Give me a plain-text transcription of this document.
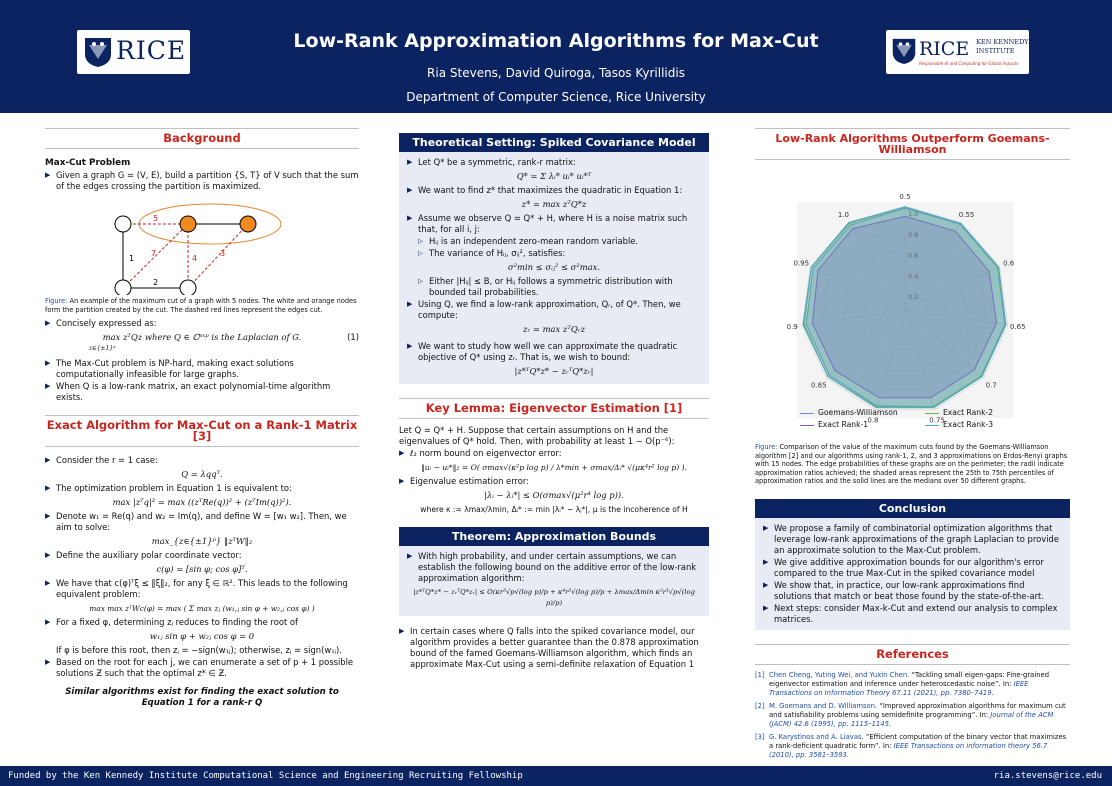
RICE	Low-Rank Approximation Algorithms for Max-Cut
Ria Stevens, David Quiroga, Tasos Kyrillidis
Department of Computer Science, Rice University
RICE KEN KENNEDY
INSTITUTE
Responsible AI and Computing for Global Impacts
Background
Max-Cut Problem
▶ Given a graph G = (V, E), build a partition {S, T} of V such that the sum of the edges crossing the partition is maximized.
5
7
4
3
1
2
Figure: An example of the maximum cut of a graph with 5 nodes. The white and orange nodes form the partition created by the cut. The dashed red lines represent the edges cut.
▶ Concisely expressed as:
max zᵀQz where Q ∈ ℂᵖˣᵖ is the Laplacian of G.
z∈{±1}ᵖ
(1)
▶ The Max-Cut problem is NP-hard, making exact solutions computationally infeasible for large graphs.
▶ When Q is a low-rank matrix, an exact polynomial-time algorithm exists.
Exact Algorithm for Max-Cut on a Rank-1 Matrix [3]
▶ Consider the r = 1 case:
Q = λqqᵀ.
▶ The optimization problem in Equation 1 is equivalent to:
max |zᵀq|² = max ((zᵀRe(q))² + (zᵀIm(q))²).
▶ Denote w₁ = Re(q) and w₂ = Im(q), and define W = [w₁ w₂]. Then, we aim to solve:
max_{z∈{±1}ᵖ} ‖zᵀW‖₂
▶ Define the auxiliary polar coordinate vector:
c(φ) = [sin φ; cos φ]ᵀ.
▶ We have that c(φ)ᵀξ ≤ ‖ξ‖₂, for any ξ ∈ ℝ². This leads to the following equivalent problem:
max max zᵀWc(φ) = max ( Σ max zⱼ (w₁,ⱼ sin φ + w₂,ⱼ cos φ) )
▶ For a fixed φ, determining zⱼ reduces to finding the root of
w₁ⱼ sin φ + w₂ⱼ cos φ = 0
If φ is before this root, then zⱼ = −sign(w₁ⱼ); otherwise, zⱼ = sign(w₁ⱼ).
▶ Based on the root for each j, we can enumerate a set of p + 1 possible solutions Ƶ such that the optimal z* ∈ Ƶ.
Similar algorithms exist for finding the exact solution to Equation 1 for a rank-r Q
Theoretical Setting: Spiked Covariance Model
▶ Let Q* be a symmetric, rank-r matrix:
Q* = Σ λᵢ* uᵢ* uᵢ*ᵀ
▶ We want to find z* that maximizes the quadratic in Equation 1:
z* = max zᵀQ*z
▶ Assume we observe Q = Q* + H, where H is a noise matrix such that, for all i, j:
▷ Hᵢⱼ is an independent zero-mean random variable.
▷ The variance of Hᵢⱼ, σᵢⱼ², satisfies:
σ²min ≤ σᵢⱼ² ≤ σ²max.
▷ Either |Hᵢⱼ| ≤ B, or Hᵢⱼ follows a symmetric distribution with bounded tail probabilities.
▶ Using Q, we find a low-rank approximation, Qᵣ, of Q*. Then, we compute:
zᵣ = max zᵀQᵣz
▶ We want to study how well we can approximate the quadratic objective of Q* using zᵣ. That is, we wish to bound:
|z*ᵀQ*z* − zᵣᵀQ*zᵣ|
Key Lemma: Eigenvector Estimation [1]
Let Q = Q* + H. Suppose that certain assumptions on H and the eigenvalues of Q* hold. Then, with probability at least 1 − O(p⁻⁶):
▶ ℓ₂ norm bound on eigenvector error:
‖uᵢ − uᵢ*‖₂ = O( σmax√(κ²p log p) / λ*min + σmax/Δᵢ* √(μκ⁴r² log p) ).
▶ Eigenvalue estimation error:
|λᵢ − λᵢ*| ≤ O(σmax√(μ²r⁴ log p)).
where κ := λmax/λmin, Δᵢ* := min |λᵢ* − λⱼ*|, μ is the incoherence of H
Theorem: Approximation Bounds
▶ With high probability, and under certain assumptions, we can establish the following bound on the additive error of the low-rank approximation algorithm:
|z*ᵀQ*z* − zᵣᵀQ*zᵣ| ≤ O(κr³√p√(log p)/p + κ⁴r³√(log p)/p + λmax/Δmin κ²r³√p√(log p)/p)
▶ In certain cases where Q falls into the spiked covariance model, our algorithm provides a better guarantee than the 0.878 approximation bound of the famed Goemans-Williamson algorithm, which finds an approximate Max-Cut using a semi-definite relaxation of Equation 1
Low-Rank Algorithms Outperform Goemans-Williamson
0.2
0.4
0.6
0.8
1.0
0.5
0.55
0.6
0.65
0.7
0.75
0.8
0.85
0.9
0.95
1.0
Goemans-Williamson	Exact Rank-2
Exact Rank-1	Exact Rank-3
Figure: Comparison of the value of the maximum cuts found by the Goemans-Williamson algorithm [2] and our algorithms using rank-1, 2, and 3 approximations on Erdos-Renyi graphs with 15 nodes. The edge probabilities of these graphs are on the perimeter; the radii indicate approximation ratios achieved; the shaded areas represent the 25th to 75th percentiles of approximation ratios and the solid lines are the medians over 50 different graphs.
Conclusion
▶ We propose a family of combinatorial optimization algorithms that leverage low-rank approximations of the graph Laplacian to provide an approximate solution to the Max-Cut problem.
▶ We give additive approximation bounds for our algorithm's error compared to the true Max-Cut in the spiked covariance model
▶ We show that, in practice, our low-rank approximations find solutions that match or beat those found by the state-of-the-art.
▶ Next steps: consider Max-k-Cut and extend our analysis to complex matrices.
References
[1] Chen Cheng, Yuting Wei, and Yuxin Chen. “Tackling small eigen-gaps: Fine-grained eigenvector estimation and inference under heteroscedastic noise”. In: IEEE Transactions on Information Theory 67.11 (2021), pp. 7380–7419.
[2] M. Goemans and D. Williamson. “Improved approximation algorithms for maximum cut and satisfiability problems using semidefinite programming”. In: Journal of the ACM (JACM) 42.6 (1995), pp. 1115–1145.
[3] G. Karystinos and A. Liavas. “Efficient computation of the binary vector that maximizes a rank-deficient quadratic form”. In: IEEE Transactions on information theory 56.7 (2010), pp. 3581–3593.
Funded by the Ken Kennedy Institute Computational Science and Engineering Recruiting Fellowship	ria.stevens@rice.edu
